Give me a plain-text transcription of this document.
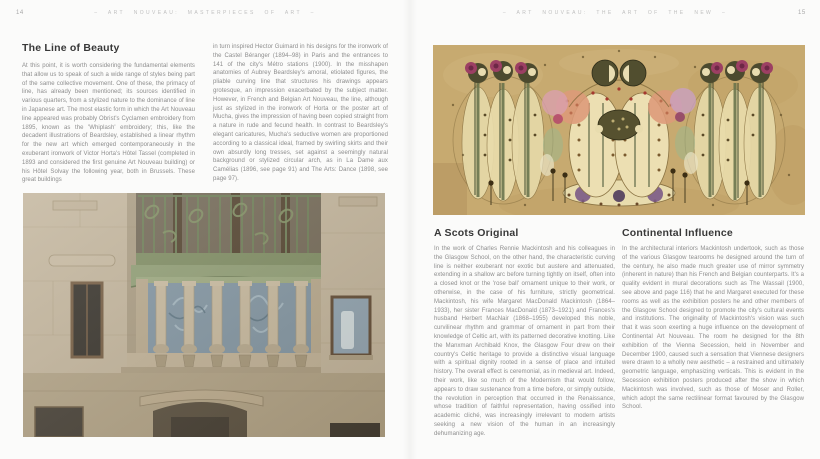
14	– ART NOUVEAU: MASTERPIECES OF ART –
The Line of Beauty
At this point, it is worth considering the fundamental elements that allow us to speak of such a wide range of styles being part of the same collective movement. One of these, the primacy of line, has already been mentioned; its sources identified in various quarters, from a stylized nature to the dominance of line in Japanese art. The most elastic form in which the Art Nouveau line appeared was probably Obrist's Cyclamen embroidery from 1895, known as the 'Whiplash' embroidery; this, like the decadent illustrations of Beardsley, established a linear rhythm for the new art which emerged contemporaneously in the exuberant ironwork of Victor Horta's Hôtel Tassel (completed in 1893 and considered the first genuine Art Nouveau building) or his Hôtel Solvay the following year, both in Brussels. These great buildings
in turn inspired Hector Guimard in his designs for the ironwork of the Castel Béranger (1894–98) in Paris and the entrances to 141 of the city's Métro stations (1900). In the misshapen anatomies of Aubrey Beardsley's amoral, etiolated figures, the pliable curving line that structures his drawings appears grotesque, an impression exacerbated by the subject matter. However, in French and Belgian Art Nouveau, the line, although just as stylized in the ironwork of Horta or the poster art of Mucha, gives the impression of having been copied straight from a nature in rude and fecund health. In contrast to Beardsley's elegant caricatures, Mucha's seductive women are proportioned according to a classical ideal, framed by swirling skirts and their own absurdly long tresses, set against a seemingly natural background or stylized circular arch, as in La Dame aux Camélias (1896, see page 91) and The Arts: Dance (1898, see page 97).
– ART NOUVEAU: THE ART OF THE NEW –	15
A Scots Original
In the work of Charles Rennie Mackintosh and his colleagues in the Glasgow School, on the other hand, the characteristic curving line is neither exuberant nor exotic but austere and attenuated, extending in a shallow arc before turning tightly on itself, often into a closed knot or the 'rose ball' ornament unique to their work, or otherwise, in the case of his furniture, strictly geometrical. Mackintosh, his wife Margaret MacDonald Mackintosh (1864–1933), her sister Frances MacDonald (1873–1921) and Frances's husband Herbert MacNair (1868–1955) developed this noble, curvilinear rhythm and grammar of ornament in part from their knowledge of Celtic art, with its patterned decorative knotting. Like the Manxman Archibald Knox, the Glasgow Four drew on their country's Celtic heritage to provide a distinctive visual language with a spiritual dignity rooted in a sense of place and intuited history. The overall effect is ceremonial, as in medieval art. Indeed, their work, like so much of the Modernism that would follow, appears to draw sustenance from a time before, or simply outside, the revolution in perception that occurred in the Renaissance, whose tradition of faithful representation, having ossified into academic cliché, was increasingly irrelevant to modern artists seeking a new vision of the human in an increasingly dehumanizing age.
Continental Influence
In the architectural interiors Mackintosh undertook, such as those of the various Glasgow tearooms he designed around the turn of the century, he also made much greater use of mirror symmetry (inherent in nature) than his French and Belgian counterparts. It's a quality evident in mural decorations such as The Wassail (1900, see above and page 116) that he and Margaret executed for these rooms as well as the exhibition posters he and other members of the Glasgow School designed to promote the city's cultural events and institutions. The originality of Mackintosh's vision was such that it was soon exerting a huge influence on the development of Continental Art Nouveau. The room he designed for the 8th exhibition of the Vienna Secession, held in November and December 1900, caused such a sensation that Viennese designers were drawn to a wholly new aesthetic – a restrained and ultimately geometric language, emphasizing verticals. This is evident in the Secession exhibition posters produced after the show in which Mackintosh was involved, such as those of Moser and Roller, which adopt the same rectilinear format favoured by the Glasgow School.
